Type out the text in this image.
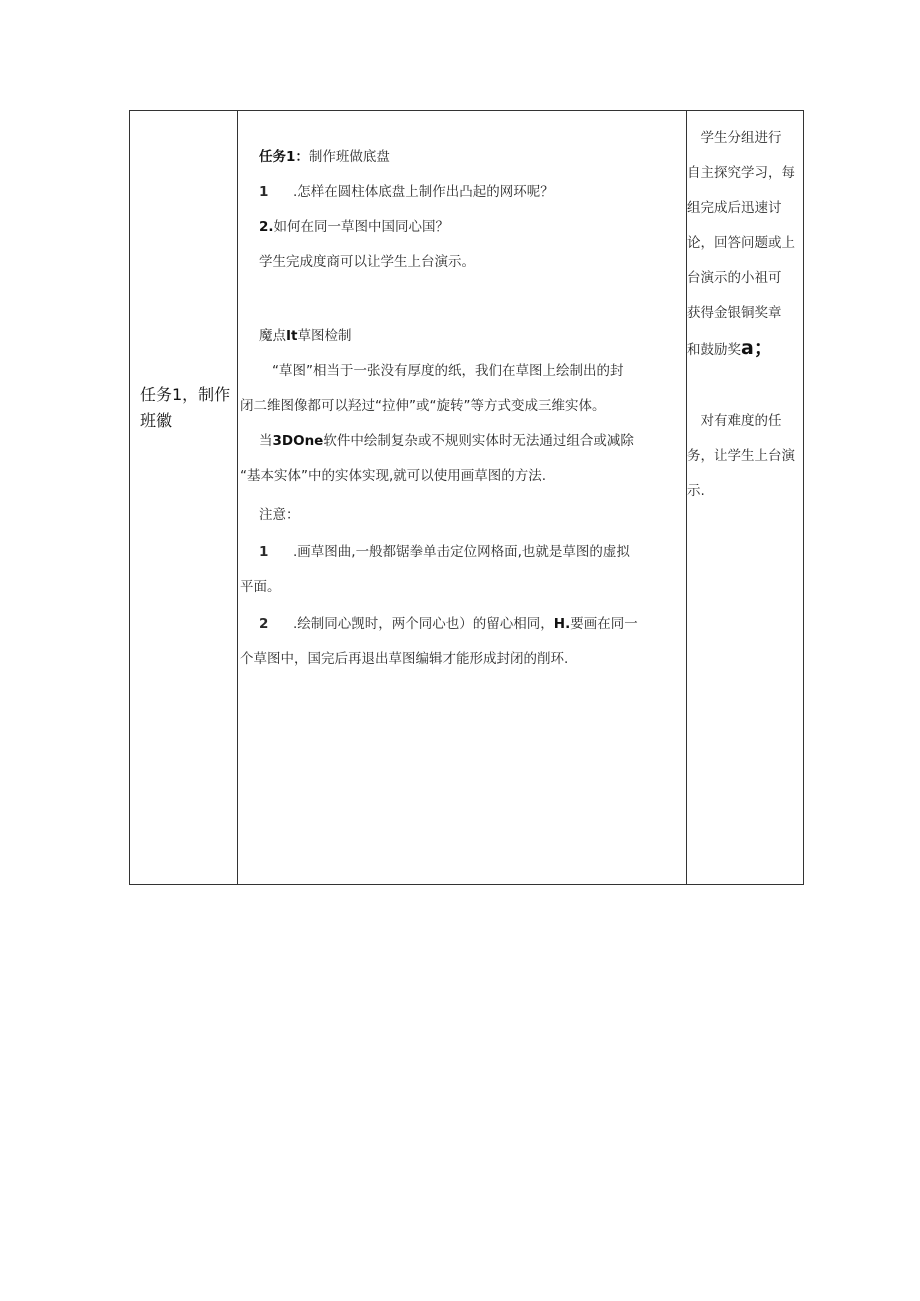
任务1，制作班徽
任务1：制作班做底盘
1 .怎样在圆柱体底盘上制作出凸起的网环呢？
2.如何在同一草图中国同心国？
学生完成度商可以让学生上台演示。
魔点It草图检制
“草图”相当于一张没有厚度的纸，我们在草图上绘制出的封
闭二维图像都可以羟过“拉伸”或“旋转”等方式变成三维实体。
当3DOne软件中绘制复杂或不规则实体时无法通过组合或减除
“基本实体”中的实体实现,就可以使用画草图的方法.
注意：
1 .画草图曲,一般都锯拳单击定位网格面,也就是草图的虚拟
平面。
2 .绘制同心觊时，两个同心也）的留心相同，H.要画在同一
个草图中，国完后再退出草图编辑才能形成封闭的削环.
　学生分组进行
自主探究学习，每
组完成后迅速讨
论，回答问题或上
台演示的小祖可
获得金银铜奖章
和鼓励奖a；
　对有难度的任
务，让学生上台演
示.
